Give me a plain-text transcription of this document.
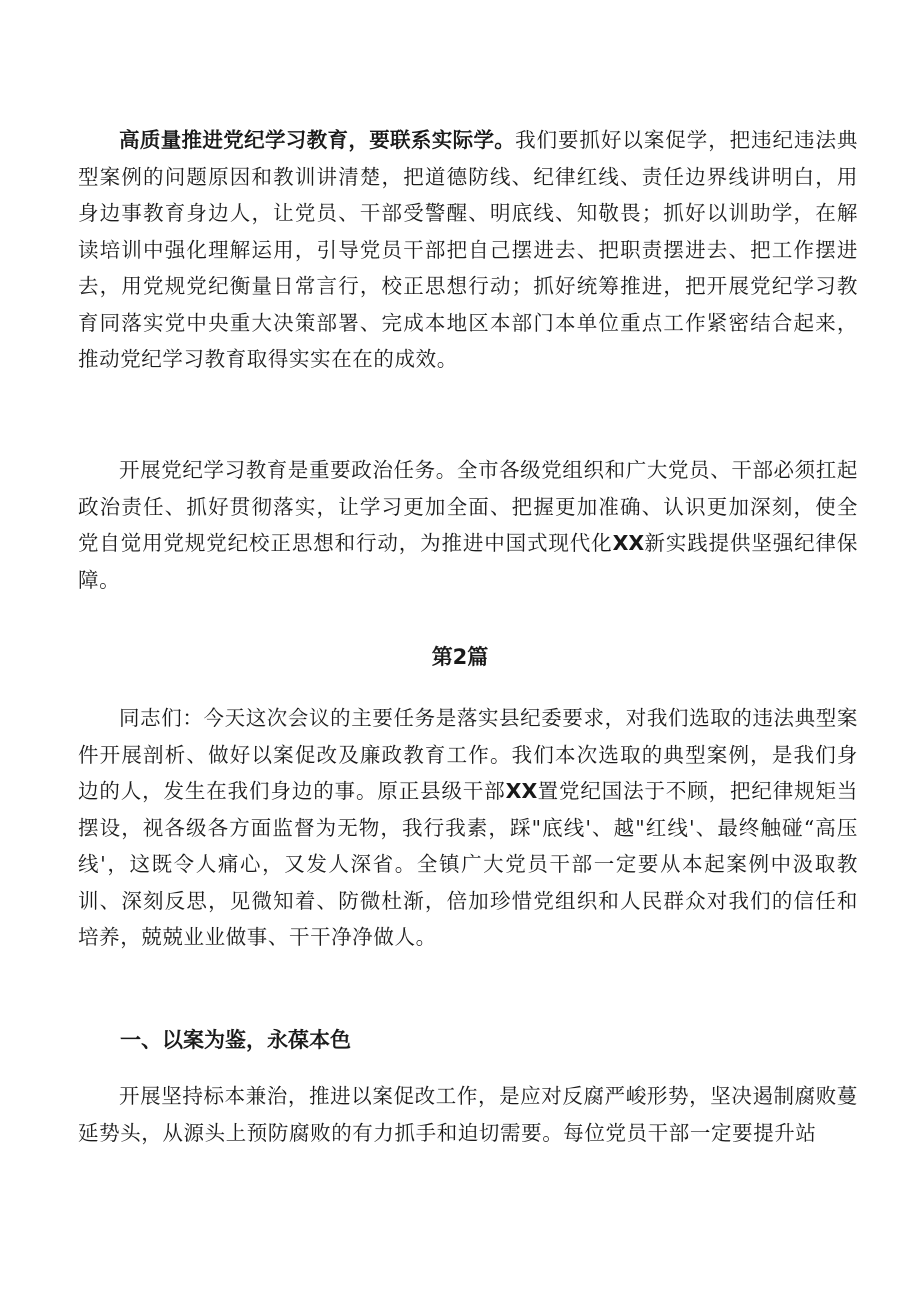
高质量推进党纪学习教育，要联系实际学。我们要抓好以案促学，把违纪违法典型案例的问题原因和教训讲清楚，把道德防线、纪律红线、责任边界线讲明白，用身边事教育身边人，让党员、干部受警醒、明底线、知敬畏；抓好以训助学，在解读培训中强化理解运用，引导党员干部把自己摆进去、把职责摆进去、把工作摆进去，用党规党纪衡量日常言行，校正思想行动；抓好统筹推进，把开展党纪学习教育同落实党中央重大决策部署、完成本地区本部门本单位重点工作紧密结合起来，推动党纪学习教育取得实实在在的成效。

开展党纪学习教育是重要政治任务。全市各级党组织和广大党员、干部必须扛起政治责任、抓好贯彻落实，让学习更加全面、把握更加准确、认识更加深刻，使全党自觉用党规党纪校正思想和行动，为推进中国式现代化XX新实践提供坚强纪律保障。

第2篇

同志们：今天这次会议的主要任务是落实县纪委要求，对我们选取的违法典型案件开展剖析、做好以案促改及廉政教育工作。我们本次选取的典型案例，是我们身边的人，发生在我们身边的事。原正县级干部XX置党纪国法于不顾，把纪律规矩当摆设，视各级各方面监督为无物，我行我素，踩"底线'、越"红线'、最终触碰“高压线'，这既令人痛心，又发人深省。全镇广大党员干部一定要从本起案例中汲取教训、深刻反思，见微知着、防微杜渐，倍加珍惜党组织和人民群众对我们的信任和培养，兢兢业业做事、干干净净做人。

一、以案为鉴，永葆本色

开展坚持标本兼治，推进以案促改工作，是应对反腐严峻形势，坚决遏制腐败蔓延势头，从源头上预防腐败的有力抓手和迫切需要。每位党员干部一定要提升站
